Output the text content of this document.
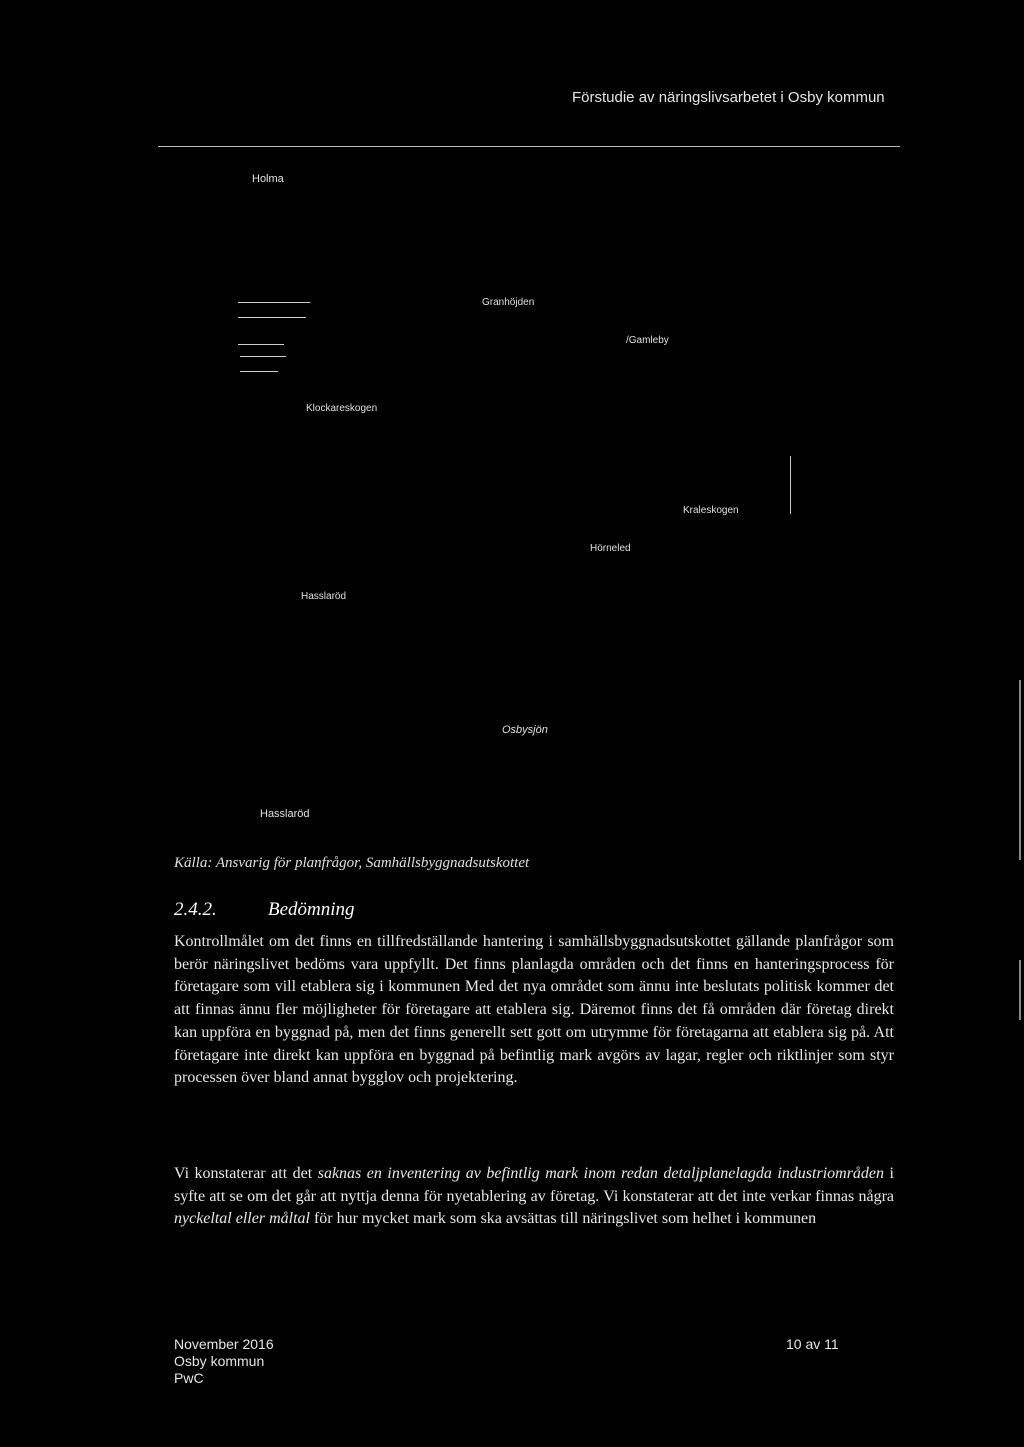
Förstudie av näringslivsarbetet i Osby kommun
Holma
Granhöjden
/Gamleby
Klockareskogen
Kraleskogen
Hörneled
Hasslaröd
Osbysjön
Hasslaröd
Källa: Ansvarig för planfrågor, Samhällsbyggnadsutskottet
2.4.2.	Bedömning
Kontrollmålet om det finns en tillfredställande hantering i samhällsbyggnadsutskottet gällande planfrågor som berör näringslivet bedöms vara uppfyllt. Det finns planlagda områden och det finns en hanteringsprocess för företagare som vill etablera sig i kommunen Med det nya området som ännu inte beslutats politisk kommer det att finnas ännu fler möjligheter för företagare att etablera sig. Däremot finns det få områden där företag direkt kan uppföra en byggnad på, men det finns generellt sett gott om utrymme för företagarna att etablera sig på. Att företagare inte direkt kan uppföra en byggnad på befintlig mark avgörs av lagar, regler och riktlinjer som styr processen över bland annat bygglov och projektering.
Vi konstaterar att det saknas en inventering av befintlig mark inom redan detaljplanelagda industriområden i syfte att se om det går att nyttja denna för nyetablering av företag. Vi konstaterar att det inte verkar finnas några nyckeltal eller måltal för hur mycket mark som ska avsättas till näringslivet som helhet i kommunen
November 2016
Osby kommun
PwC
10 av 11
